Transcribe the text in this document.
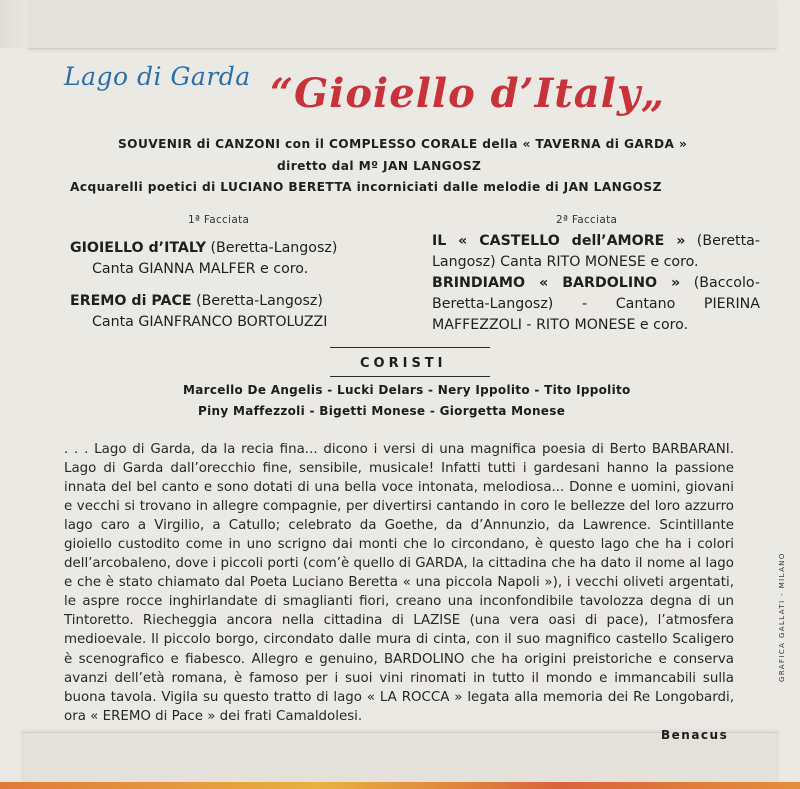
Lago di Garda “Gioiello d’Italy„
SOUVENIR di CANZONI con il COMPLESSO CORALE della « TAVERNA di GARDA »
diretto dal Mº JAN LANGOSZ
Acquarelli poetici di LUCIANO BERETTA incorniciati dalle melodie di JAN LANGOSZ
1ª Facciata	2ª Facciata
GIOIELLO d’ITALY (Beretta-Langosz)
Canta GIANNA MALFER e coro.
EREMO di PACE (Beretta-Langosz)
Canta GIANFRANCO BORTOLUZZI
IL « CASTELLO dell’AMORE » (Beretta-Langosz) Canta RITO MONESE e coro.
BRINDIAMO « BARDOLINO » (Baccolo-Beretta-Langosz) - Cantano PIERINA MAFFEZZOLI - RITO MONESE e coro.
CORISTI
Marcello De Angelis - Lucki Delars - Nery Ippolito - Tito Ippolito
Piny Maffezzoli - Bigetti Monese - Giorgetta Monese

. . . Lago di Garda, da la recia fina... dicono i versi di una magnifica poesia di Berto BARBARANI. Lago di Garda dall’orecchio fine, sensibile, musicale! Infatti tutti i gardesani hanno la passione innata del bel canto e sono dotati di una bella voce intonata, melodiosa... Donne e uomini, giovani e vecchi si trovano in allegre compagnie, per divertirsi cantando in coro le bellezze del loro azzurro lago caro a Virgilio, a Catullo; celebrato da Goethe, da d’Annunzio, da Lawrence. Scintillante gioiello custodito come in uno scrigno dai monti che lo circondano, è questo lago che ha i colori dell’arcobaleno, dove i piccoli porti (com’è quello di GARDA, la cittadina che ha dato il nome al lago e che è stato chiamato dal Poeta Luciano Beretta « una piccola Napoli »), i vecchi oliveti argentati, le aspre rocce inghirlandate di smaglianti fiori, creano una inconfondibile tavolozza degna di un Tintoretto. Riecheggia ancora nella cittadina di LAZISE (una vera oasi di pace), l’atmosfera medioevale. Il piccolo borgo, circondato dalle mura di cinta, con il suo magnifico castello Scaligero è scenografico e fiabesco. Allegro e genuino, BARDOLINO che ha origini preistoriche e conserva avanzi dell’età romana, è famoso per i suoi vini rinomati in tutto il mondo e immancabili sulla buona tavola. Vigila su questo tratto di lago « LA ROCCA » legata alla memoria dei Re Longobardi, ora « EREMO di Pace » dei frati Camaldolesi.

Benacus
GRAFICA GALLATI - MILANO
